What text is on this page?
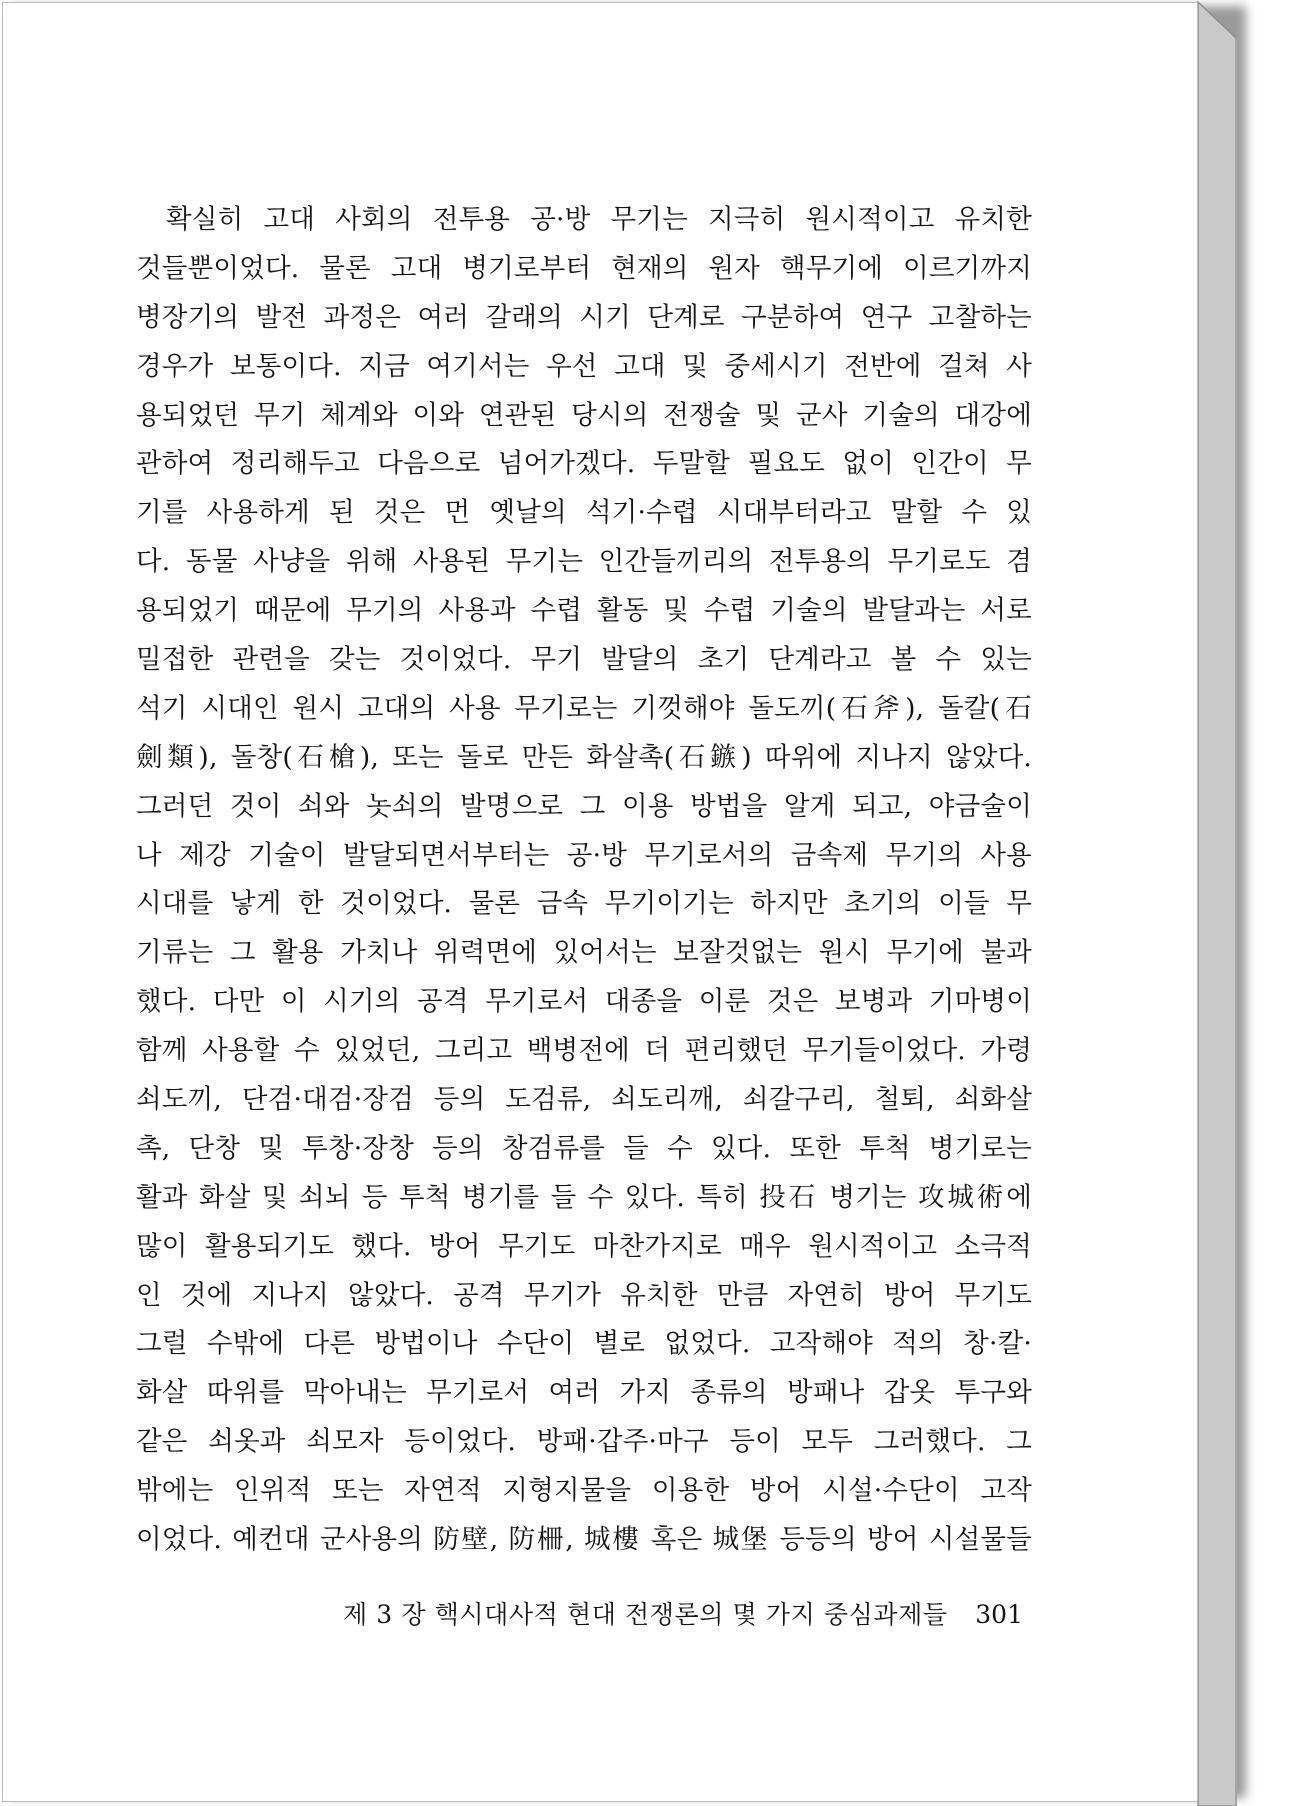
확실히 고대 사회의 전투용 공·방 무기는 지극히 원시적이고 유치한
것들뿐이었다. 물론 고대 병기로부터 현재의 원자 핵무기에 이르기까지
병장기의 발전 과정은 여러 갈래의 시기 단계로 구분하여 연구 고찰하는
경우가 보통이다. 지금 여기서는 우선 고대 및 중세시기 전반에 걸쳐 사
용되었던 무기 체계와 이와 연관된 당시의 전쟁술 및 군사 기술의 대강에
관하여 정리해두고 다음으로 넘어가겠다. 두말할 필요도 없이 인간이 무
기를 사용하게 된 것은 먼 옛날의 석기·수렵 시대부터라고 말할 수 있
다. 동물 사냥을 위해 사용된 무기는 인간들끼리의 전투용의 무기로도 겸
용되었기 때문에 무기의 사용과 수렵 활동 및 수렵 기술의 발달과는 서로
밀접한 관련을 갖는 것이었다. 무기 발달의 초기 단계라고 볼 수 있는
석기 시대인 원시 고대의 사용 무기로는 기껏해야 돌도끼(石斧), 돌칼(石
劍類), 돌창(石槍), 또는 돌로 만든 화살촉(石鏃) 따위에 지나지 않았다.
그러던 것이 쇠와 놋쇠의 발명으로 그 이용 방법을 알게 되고, 야금술이
나 제강 기술이 발달되면서부터는 공·방 무기로서의 금속제 무기의 사용
시대를 낳게 한 것이었다. 물론 금속 무기이기는 하지만 초기의 이들 무
기류는 그 활용 가치나 위력면에 있어서는 보잘것없는 원시 무기에 불과
했다. 다만 이 시기의 공격 무기로서 대종을 이룬 것은 보병과 기마병이
함께 사용할 수 있었던, 그리고 백병전에 더 편리했던 무기들이었다. 가령
쇠도끼, 단검·대검·장검 등의 도검류, 쇠도리깨, 쇠갈구리, 철퇴, 쇠화살
촉, 단창 및 투창·장창 등의 창검류를 들 수 있다. 또한 투척 병기로는
활과 화살 및 쇠뇌 등 투척 병기를 들 수 있다. 특히 投石 병기는 攻城術에
많이 활용되기도 했다. 방어 무기도 마찬가지로 매우 원시적이고 소극적
인 것에 지나지 않았다. 공격 무기가 유치한 만큼 자연히 방어 무기도
그럴 수밖에 다른 방법이나 수단이 별로 없었다. 고작해야 적의 창·칼·
화살 따위를 막아내는 무기로서 여러 가지 종류의 방패나 갑옷 투구와
같은 쇠옷과 쇠모자 등이었다. 방패·갑주·마구 등이 모두 그러했다. 그
밖에는 인위적 또는 자연적 지형지물을 이용한 방어 시설·수단이 고작
이었다. 예컨대 군사용의 防壁, 防柵, 城樓 혹은 城堡 등등의 방어 시설물들
제 3 장 핵시대사적 현대 전쟁론의 몇 가지 중심과제들 301
